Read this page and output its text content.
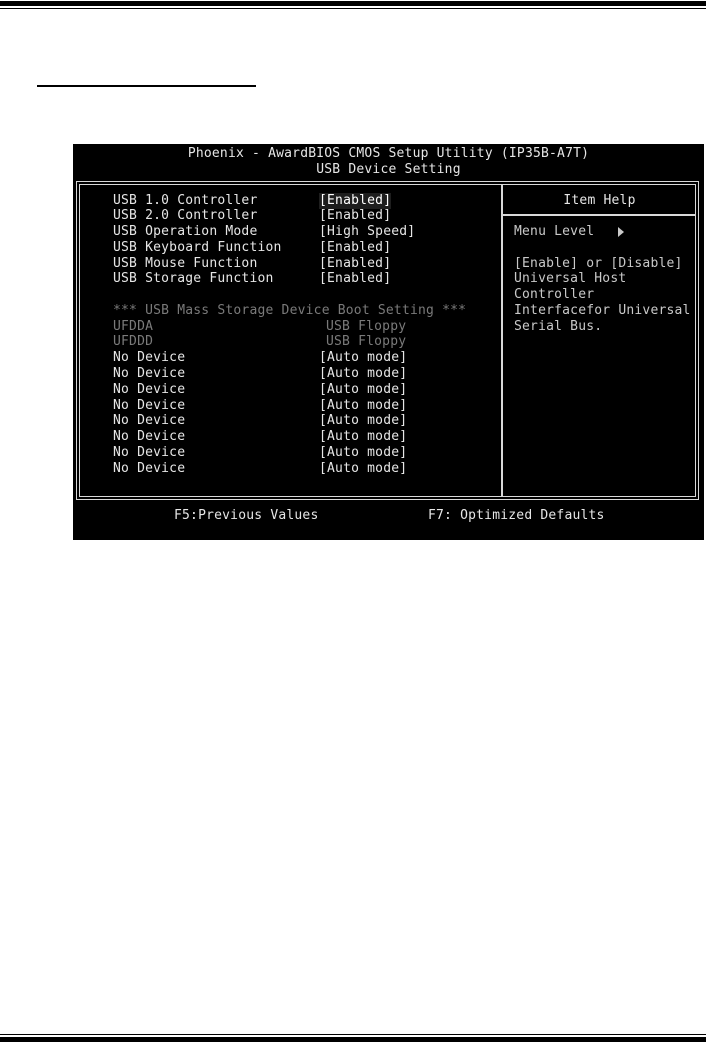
Phoenix - AwardBIOS CMOS Setup Utility (IP35B-A7T)
USB Device Setting
USB 1.0 Controller	[Enabled]
USB 2.0 Controller	[Enabled]
USB Operation Mode	[High Speed]
USB Keyboard Function	[Enabled]
USB Mouse Function	[Enabled]
USB Storage Function	[Enabled]
*** USB Mass Storage Device Boot Setting ***
UFDDA	USB Floppy
UFDDD	USB Floppy
No Device	[Auto mode]
No Device	[Auto mode]
No Device	[Auto mode]
No Device	[Auto mode]
No Device	[Auto mode]
No Device	[Auto mode]
No Device	[Auto mode]
No Device	[Auto mode]
Item Help
Menu Level
[Enable] or [Disable]
Universal Host
Controller
Interfacefor Universal
Serial Bus.
F5:Previous Values	F7: Optimized Defaults
